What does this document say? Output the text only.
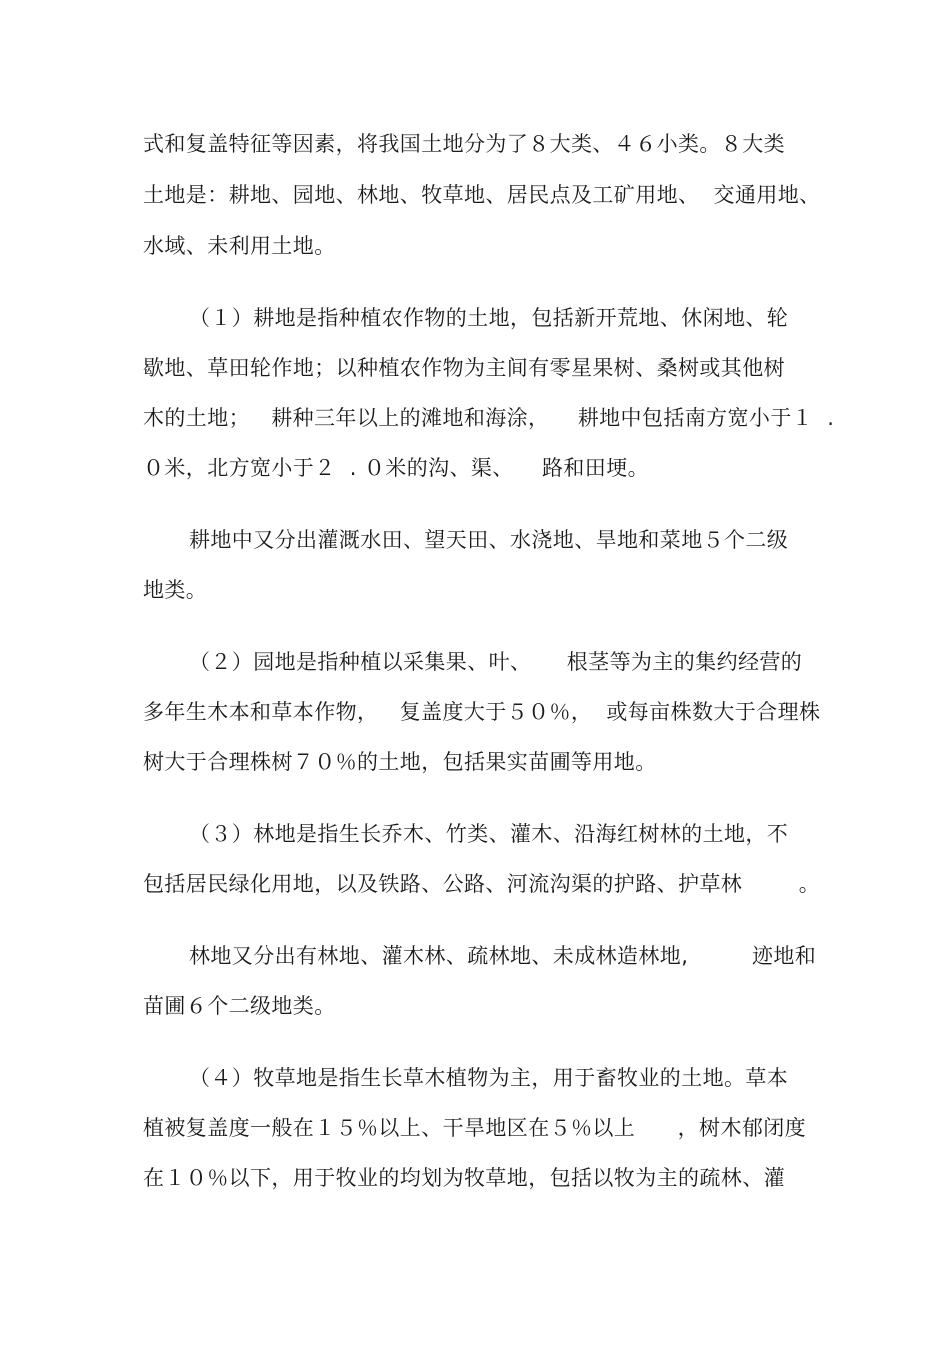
式和复盖特征等因素，将我国土地分为了８大类、４６小类。８大类
土地是：耕地、园地、林地、牧草地、居民点及工矿用地、  交通用地、
水域、未利用土地。
（１）耕地是指种植农作物的土地，包括新开荒地、休闲地、轮
歇地、草田轮作地；以种植农作物为主间有零星果树、桑树或其他树
木的土地；   耕种三年以上的滩地和海涂，    耕地中包括南方宽小于１  .
０米，北方宽小于２  . ０米的沟、渠、    路和田埂。
耕地中又分出灌溉水田、望天田、水浇地、旱地和菜地５个二级
地类。
（２）园地是指种植以采集果、叶、     根茎等为主的集约经营的
多年生木本和草本作物，   复盖度大于５０％，  或每亩株数大于合理株
树大于合理株树７０％的土地，包括果实苗圃等用地。
（３）林地是指生长乔木、竹类、灌木、沿海红树林的土地，不
包括居民绿化用地，以及铁路、公路、河流沟渠的护路、护草林        。
林地又分出有林地、灌木林、疏林地、未成林造林地,         迹地和
苗圃６个二级地类。
（４）牧草地是指生长草木植物为主，用于畜牧业的土地。草本
植被复盖度一般在１５％以上、干旱地区在５％以上      ，树木郁闭度
在１０％以下，用于牧业的均划为牧草地，包括以牧为主的疏林、灌
